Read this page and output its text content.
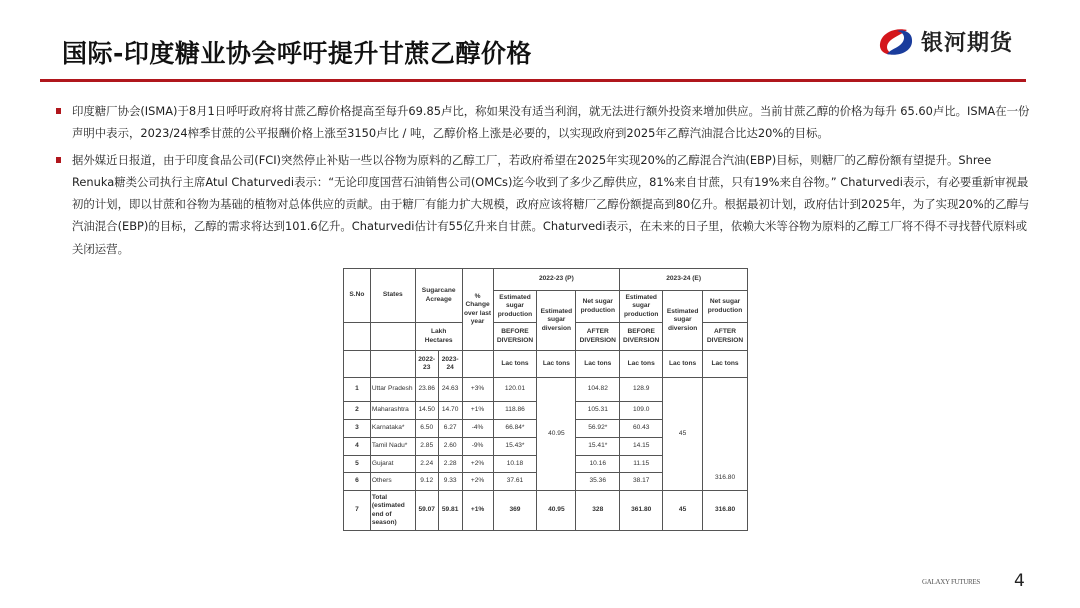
国际-印度糖业协会呼吁提升甘蔗乙醇价格	银河期货

印度糖厂协会(ISMA)于8月1日呼吁政府将甘蔗乙醇价格提高至每升69.85卢比，称如果没有适当利润，就无法进行额外投资来增加供应。当前甘蔗乙醇的价格为每升 65.60卢比。ISMA在一份声明中表示，2023/24榨季甘蔗的公平报酬价格上涨至3150卢比 / 吨，乙醇价格上涨是必要的，以实现政府到2025年乙醇汽油混合比达20%的目标。

据外媒近日报道，由于印度食品公司(FCI)突然停止补贴一些以谷物为原料的乙醇工厂，若政府希望在2025年实现20%的乙醇混合汽油(EBP)目标，则糖厂的乙醇份额有望提升。Shree Renuka糖类公司执行主席Atul Chaturvedi表示：“无论印度国营石油销售公司(OMCs)迄今收到了多少乙醇供应，81%来自甘蔗，只有19%来自谷物。” Chaturvedi表示，有必要重新审视最初的计划，即以甘蔗和谷物为基础的植物对总体供应的贡献。由于糖厂有能力扩大规模，政府应该将糖厂乙醇份额提高到80亿升。根据最初计划，政府估计到2025年，为了实现20%的乙醇与汽油混合(EBP)的目标，乙醇的需求将达到101.6亿升。Chaturvedi估计有55亿升来自甘蔗。Chaturvedi表示，在未来的日子里，依赖大米等谷物为原料的乙醇工厂将不得不寻找替代原料或关闭运营。

S.No	States	Sugarcane Acreage		% Change over last year	2022-23 (P)			2023-24 (E)		
					Estimated sugar production	Estimated sugar diversion	Net sugar production	Estimated sugar production	Estimated sugar diversion	Net sugar production
		Lakh Hectares			BEFORE DIVERSION		AFTER DIVERSION	BEFORE DIVERSION		AFTER DIVERSION
		2022-23	2023-24		Lac tons	Lac tons	Lac tons	Lac tons	Lac tons	Lac tons
1	Uttar Pradesh	23.86	24.63	+3%	120.01	40.95	104.82	128.9	45	316.80
2	Maharashtra	14.50	14.70	+1%	118.86		105.31	109.0		
3	Karnataka*	6.50	6.27	-4%	66.84*		56.92*	60.43		
4	Tamil Nadu*	2.85	2.60	-9%	15.43*		15.41*	14.15		
5	Gujarat	2.24	2.28	+2%	10.18		10.16	11.15		
6	Others	9.12	9.33	+2%	37.61		35.36	38.17		
7	Total (estimated end of season)	59.07	59.81	+1%	369	40.95	328	361.80	45	316.80
GALAXY FUTURES 4
